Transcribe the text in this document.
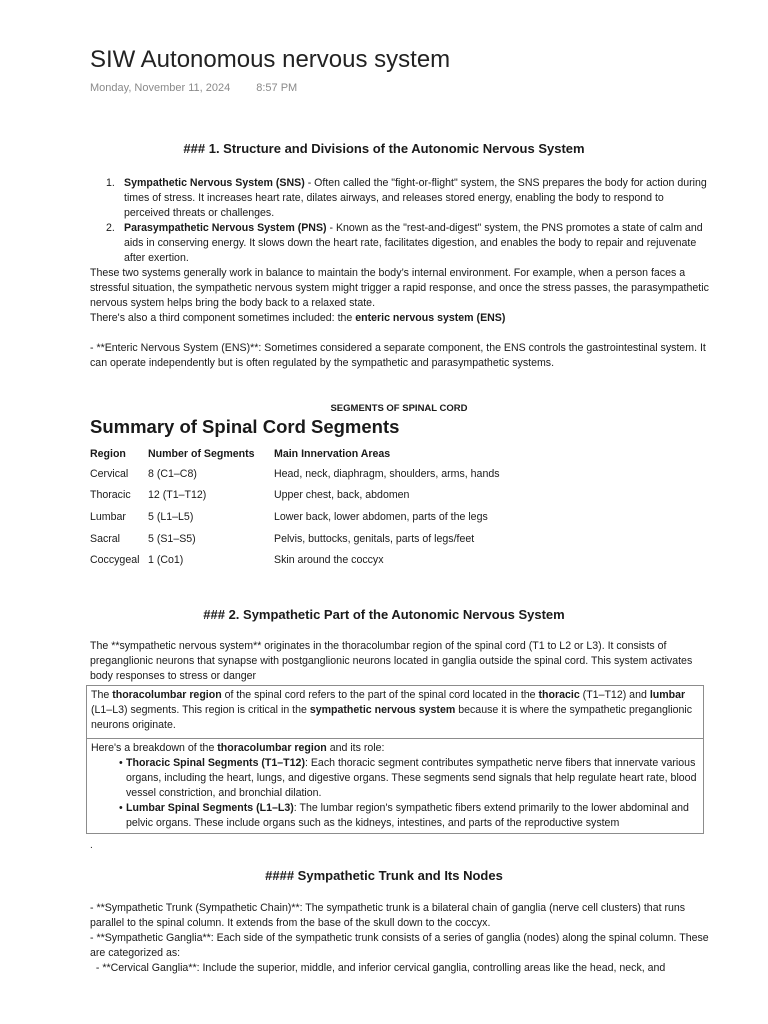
SIW Autonomous nervous system
Monday, November 11, 2024 8:57 PM
### 1. Structure and Divisions of the Autonomic Nervous System
1. Sympathetic Nervous System (SNS) - Often called the "fight-or-flight" system, the SNS prepares the body for action during times of stress. It increases heart rate, dilates airways, and releases stored energy, enabling the body to respond to perceived threats or challenges.
2. Parasympathetic Nervous System (PNS) - Known as the "rest-and-digest" system, the PNS promotes a state of calm and aids in conserving energy. It slows down the heart rate, facilitates digestion, and enables the body to repair and rejuvenate after exertion.
These two systems generally work in balance to maintain the body’s internal environment. For example, when a person faces a stressful situation, the sympathetic nervous system might trigger a rapid response, and once the stress passes, the parasympathetic nervous system helps bring the body back to a relaxed state.
There's also a third component sometimes included: the enteric nervous system (ENS)
- **Enteric Nervous System (ENS)**: Sometimes considered a separate component, the ENS controls the gastrointestinal system. It can operate independently but is often regulated by the sympathetic and parasympathetic systems.
SEGMENTS OF SPINAL CORD
Summary of Spinal Cord Segments
Region	Number of Segments	Main Innervation Areas
Cervical	8 (C1–C8)	Head, neck, diaphragm, shoulders, arms, hands
Thoracic	12 (T1–T12)	Upper chest, back, abdomen
Lumbar	5 (L1–L5)	Lower back, lower abdomen, parts of the legs
Sacral	5 (S1–S5)	Pelvis, buttocks, genitals, parts of legs/feet
Coccygeal	1 (Co1)	Skin around the coccyx
### 2. Sympathetic Part of the Autonomic Nervous System
The **sympathetic nervous system** originates in the thoracolumbar region of the spinal cord (T1 to L2 or L3). It consists of preganglionic neurons that synapse with postganglionic neurons located in ganglia outside the spinal cord. This system activates body responses to stress or danger
The thoracolumbar region of the spinal cord refers to the part of the spinal cord located in the thoracic (T1–T12) and lumbar (L1–L3) segments. This region is critical in the sympathetic nervous system because it is where the sympathetic preganglionic neurons originate.
Here's a breakdown of the thoracolumbar region and its role:
• Thoracic Spinal Segments (T1–T12): Each thoracic segment contributes sympathetic nerve fibers that innervate various organs, including the heart, lungs, and digestive organs. These segments send signals that help regulate heart rate, blood vessel constriction, and bronchial dilation.
• Lumbar Spinal Segments (L1–L3): The lumbar region's sympathetic fibers extend primarily to the lower abdominal and pelvic organs. These include organs such as the kidneys, intestines, and parts of the reproductive system
.
#### Sympathetic Trunk and Its Nodes
- **Sympathetic Trunk (Sympathetic Chain)**: The sympathetic trunk is a bilateral chain of ganglia (nerve cell clusters) that runs parallel to the spinal column. It extends from the base of the skull down to the coccyx.
- **Sympathetic Ganglia**: Each side of the sympathetic trunk consists of a series of ganglia (nodes) along the spinal column. These are categorized as:
- **Cervical Ganglia**: Include the superior, middle, and inferior cervical ganglia, controlling areas like the head, neck, and
